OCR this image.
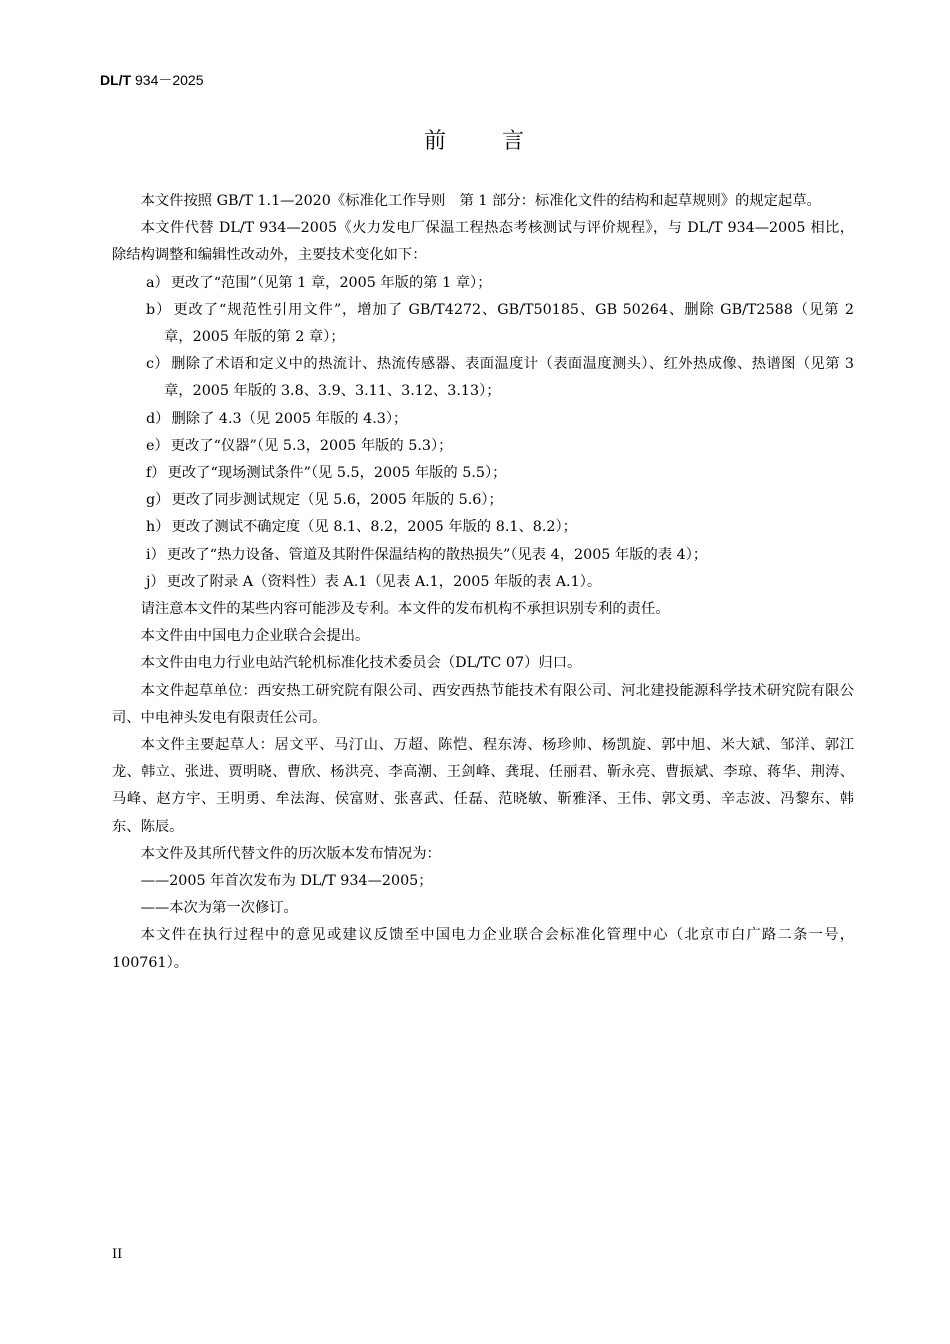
DL/T 934－2025
前 言

本文件按照 GB/T 1.1—2020《标准化工作导则　第 1 部分：标准化文件的结构和起草规则》的规定起草。

本文件代替 DL/T 934—2005《火力发电厂保温工程热态考核测试与评价规程》，与 DL/T 934—2005 相比，除结构调整和编辑性改动外，主要技术变化如下：

a） 更改了“范围”（见第 1 章，2005 年版的第 1 章）；

b） 更改了“规范性引用文件”，增加了 GB/T4272、GB/T50185、GB 50264、删除 GB/T2588（见第 2 章，2005 年版的第 2 章）；

c） 删除了术语和定义中的热流计、热流传感器、表面温度计（表面温度测头）、红外热成像、热谱图（见第 3 章，2005 年版的 3.8、3.9、3.11、3.12、3.13）；

d） 删除了 4.3（见 2005 年版的 4.3）；

e） 更改了“仪器”（见 5.3，2005 年版的 5.3）；

f） 更改了“现场测试条件”（见 5.5，2005 年版的 5.5）；

g） 更改了同步测试规定（见 5.6，2005 年版的 5.6）；

h） 更改了测试不确定度（见 8.1、8.2，2005 年版的 8.1、8.2）；

i） 更改了“热力设备、管道及其附件保温结构的散热损失”（见表 4，2005 年版的表 4）；

j） 更改了附录 A（资料性）表 A.1（见表 A.1，2005 年版的表 A.1）。

请注意本文件的某些内容可能涉及专利。本文件的发布机构不承担识别专利的责任。

本文件由中国电力企业联合会提出。

本文件由电力行业电站汽轮机标准化技术委员会（DL/TC 07）归口。

本文件起草单位：西安热工研究院有限公司、西安西热节能技术有限公司、河北建投能源科学技术研究院有限公司、中电神头发电有限责任公司。

本文件主要起草人：居文平、马汀山、万超、陈恺、程东涛、杨珍帅、杨凯旋、郭中旭、米大斌、邹洋、郭江龙、韩立、张进、贾明晓、曹欣、杨洪亮、李高潮、王剑峰、龚琨、任丽君、靳永亮、曹振斌、李琼、蒋华、荆涛、马峰、赵方宇、王明勇、牟法海、侯富财、张喜武、任磊、范晓敏、靳雅泽、王伟、郭文勇、辛志波、冯黎东、韩东、陈辰。

本文件及其所代替文件的历次版本发布情况为：

——2005 年首次发布为 DL/T 934—2005；

——本次为第一次修订。

本文件在执行过程中的意见或建议反馈至中国电力企业联合会标准化管理中心（北京市白广路二条一号，100761）。

II
